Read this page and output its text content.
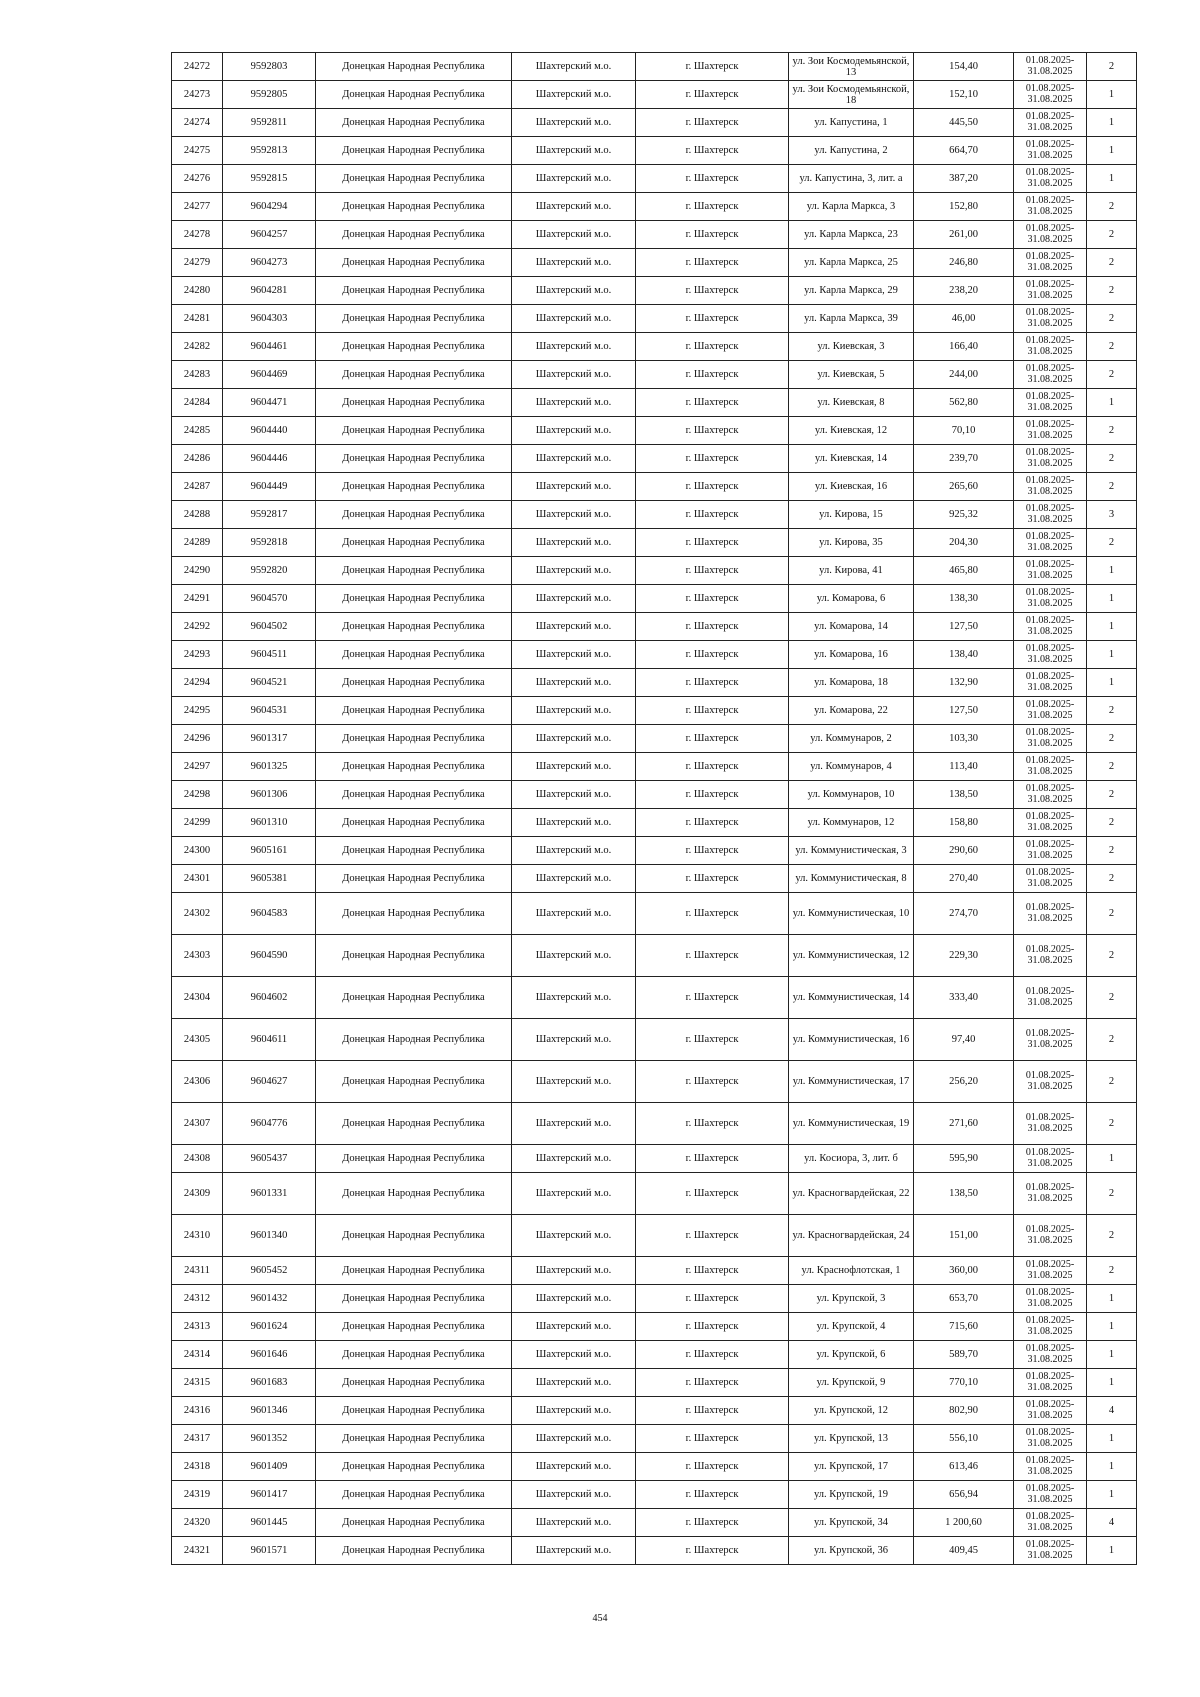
24272	9592803	Донецкая Народная Республика	Шахтерский м.о.	г. Шахтерск	ул. Зои Космодемьянской, 13	154,40	01.08.2025-31.08.2025	2
24273	9592805	Донецкая Народная Республика	Шахтерский м.о.	г. Шахтерск	ул. Зои Космодемьянской, 18	152,10	01.08.2025-31.08.2025	1
24274	9592811	Донецкая Народная Республика	Шахтерский м.о.	г. Шахтерск	ул. Капустина, 1	445,50	01.08.2025-31.08.2025	1
24275	9592813	Донецкая Народная Республика	Шахтерский м.о.	г. Шахтерск	ул. Капустина, 2	664,70	01.08.2025-31.08.2025	1
24276	9592815	Донецкая Народная Республика	Шахтерский м.о.	г. Шахтерск	ул. Капустина, 3, лит. а	387,20	01.08.2025-31.08.2025	1
24277	9604294	Донецкая Народная Республика	Шахтерский м.о.	г. Шахтерск	ул. Карла Маркса, 3	152,80	01.08.2025-31.08.2025	2
24278	9604257	Донецкая Народная Республика	Шахтерский м.о.	г. Шахтерск	ул. Карла Маркса, 23	261,00	01.08.2025-31.08.2025	2
24279	9604273	Донецкая Народная Республика	Шахтерский м.о.	г. Шахтерск	ул. Карла Маркса, 25	246,80	01.08.2025-31.08.2025	2
24280	9604281	Донецкая Народная Республика	Шахтерский м.о.	г. Шахтерск	ул. Карла Маркса, 29	238,20	01.08.2025-31.08.2025	2
24281	9604303	Донецкая Народная Республика	Шахтерский м.о.	г. Шахтерск	ул. Карла Маркса, 39	46,00	01.08.2025-31.08.2025	2
24282	9604461	Донецкая Народная Республика	Шахтерский м.о.	г. Шахтерск	ул. Киевская, 3	166,40	01.08.2025-31.08.2025	2
24283	9604469	Донецкая Народная Республика	Шахтерский м.о.	г. Шахтерск	ул. Киевская, 5	244,00	01.08.2025-31.08.2025	2
24284	9604471	Донецкая Народная Республика	Шахтерский м.о.	г. Шахтерск	ул. Киевская, 8	562,80	01.08.2025-31.08.2025	1
24285	9604440	Донецкая Народная Республика	Шахтерский м.о.	г. Шахтерск	ул. Киевская, 12	70,10	01.08.2025-31.08.2025	2
24286	9604446	Донецкая Народная Республика	Шахтерский м.о.	г. Шахтерск	ул. Киевская, 14	239,70	01.08.2025-31.08.2025	2
24287	9604449	Донецкая Народная Республика	Шахтерский м.о.	г. Шахтерск	ул. Киевская, 16	265,60	01.08.2025-31.08.2025	2
24288	9592817	Донецкая Народная Республика	Шахтерский м.о.	г. Шахтерск	ул. Кирова, 15	925,32	01.08.2025-31.08.2025	3
24289	9592818	Донецкая Народная Республика	Шахтерский м.о.	г. Шахтерск	ул. Кирова, 35	204,30	01.08.2025-31.08.2025	2
24290	9592820	Донецкая Народная Республика	Шахтерский м.о.	г. Шахтерск	ул. Кирова, 41	465,80	01.08.2025-31.08.2025	1
24291	9604570	Донецкая Народная Республика	Шахтерский м.о.	г. Шахтерск	ул. Комарова, 6	138,30	01.08.2025-31.08.2025	1
24292	9604502	Донецкая Народная Республика	Шахтерский м.о.	г. Шахтерск	ул. Комарова, 14	127,50	01.08.2025-31.08.2025	1
24293	9604511	Донецкая Народная Республика	Шахтерский м.о.	г. Шахтерск	ул. Комарова, 16	138,40	01.08.2025-31.08.2025	1
24294	9604521	Донецкая Народная Республика	Шахтерский м.о.	г. Шахтерск	ул. Комарова, 18	132,90	01.08.2025-31.08.2025	1
24295	9604531	Донецкая Народная Республика	Шахтерский м.о.	г. Шахтерск	ул. Комарова, 22	127,50	01.08.2025-31.08.2025	2
24296	9601317	Донецкая Народная Республика	Шахтерский м.о.	г. Шахтерск	ул. Коммунаров, 2	103,30	01.08.2025-31.08.2025	2
24297	9601325	Донецкая Народная Республика	Шахтерский м.о.	г. Шахтерск	ул. Коммунаров, 4	113,40	01.08.2025-31.08.2025	2
24298	9601306	Донецкая Народная Республика	Шахтерский м.о.	г. Шахтерск	ул. Коммунаров, 10	138,50	01.08.2025-31.08.2025	2
24299	9601310	Донецкая Народная Республика	Шахтерский м.о.	г. Шахтерск	ул. Коммунаров, 12	158,80	01.08.2025-31.08.2025	2
24300	9605161	Донецкая Народная Республика	Шахтерский м.о.	г. Шахтерск	ул. Коммунистическая, 3	290,60	01.08.2025-31.08.2025	2
24301	9605381	Донецкая Народная Республика	Шахтерский м.о.	г. Шахтерск	ул. Коммунистическая, 8	270,40	01.08.2025-31.08.2025	2
24302	9604583	Донецкая Народная Республика	Шахтерский м.о.	г. Шахтерск	ул. Коммунистическая, 10	274,70	01.08.2025-31.08.2025	2
24303	9604590	Донецкая Народная Республика	Шахтерский м.о.	г. Шахтерск	ул. Коммунистическая, 12	229,30	01.08.2025-31.08.2025	2
24304	9604602	Донецкая Народная Республика	Шахтерский м.о.	г. Шахтерск	ул. Коммунистическая, 14	333,40	01.08.2025-31.08.2025	2
24305	9604611	Донецкая Народная Республика	Шахтерский м.о.	г. Шахтерск	ул. Коммунистическая, 16	97,40	01.08.2025-31.08.2025	2
24306	9604627	Донецкая Народная Республика	Шахтерский м.о.	г. Шахтерск	ул. Коммунистическая, 17	256,20	01.08.2025-31.08.2025	2
24307	9604776	Донецкая Народная Республика	Шахтерский м.о.	г. Шахтерск	ул. Коммунистическая, 19	271,60	01.08.2025-31.08.2025	2
24308	9605437	Донецкая Народная Республика	Шахтерский м.о.	г. Шахтерск	ул. Косиора, 3, лит. б	595,90	01.08.2025-31.08.2025	1
24309	9601331	Донецкая Народная Республика	Шахтерский м.о.	г. Шахтерск	ул. Красногвардейская, 22	138,50	01.08.2025-31.08.2025	2
24310	9601340	Донецкая Народная Республика	Шахтерский м.о.	г. Шахтерск	ул. Красногвардейская, 24	151,00	01.08.2025-31.08.2025	2
24311	9605452	Донецкая Народная Республика	Шахтерский м.о.	г. Шахтерск	ул. Краснофлотская, 1	360,00	01.08.2025-31.08.2025	2
24312	9601432	Донецкая Народная Республика	Шахтерский м.о.	г. Шахтерск	ул. Крупской, 3	653,70	01.08.2025-31.08.2025	1
24313	9601624	Донецкая Народная Республика	Шахтерский м.о.	г. Шахтерск	ул. Крупской, 4	715,60	01.08.2025-31.08.2025	1
24314	9601646	Донецкая Народная Республика	Шахтерский м.о.	г. Шахтерск	ул. Крупской, 6	589,70	01.08.2025-31.08.2025	1
24315	9601683	Донецкая Народная Республика	Шахтерский м.о.	г. Шахтерск	ул. Крупской, 9	770,10	01.08.2025-31.08.2025	1
24316	9601346	Донецкая Народная Республика	Шахтерский м.о.	г. Шахтерск	ул. Крупской, 12	802,90	01.08.2025-31.08.2025	4
24317	9601352	Донецкая Народная Республика	Шахтерский м.о.	г. Шахтерск	ул. Крупской, 13	556,10	01.08.2025-31.08.2025	1
24318	9601409	Донецкая Народная Республика	Шахтерский м.о.	г. Шахтерск	ул. Крупской, 17	613,46	01.08.2025-31.08.2025	1
24319	9601417	Донецкая Народная Республика	Шахтерский м.о.	г. Шахтерск	ул. Крупской, 19	656,94	01.08.2025-31.08.2025	1
24320	9601445	Донецкая Народная Республика	Шахтерский м.о.	г. Шахтерск	ул. Крупской, 34	1 200,60	01.08.2025-31.08.2025	4
24321	9601571	Донецкая Народная Республика	Шахтерский м.о.	г. Шахтерск	ул. Крупской, 36	409,45	01.08.2025-31.08.2025	1
454
